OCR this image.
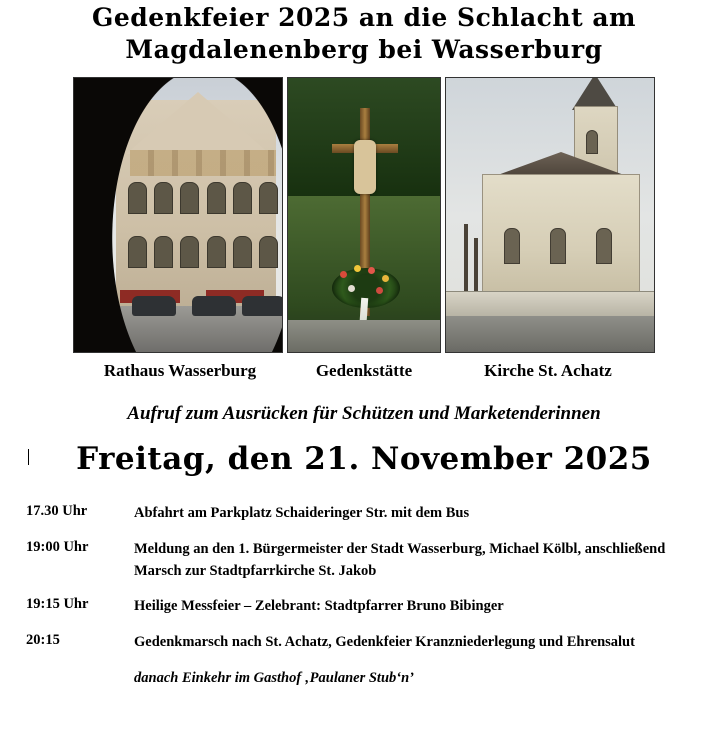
Gedenkfeier 2025 an die Schlacht am
Magdalenenberg bei Wasserburg
Rathaus Wasserburg	Gedenkstätte	Kirche St. Achatz
Aufruf zum Ausrücken für Schützen und Marketenderinnen
Freitag, den 21. November 2025
17.30 Uhr	Abfahrt am Parkplatz Schaideringer Str. mit dem Bus
19:00 Uhr	Meldung an den 1. Bürgermeister der Stadt Wasserburg, Michael Kölbl, anschließend Marsch zur Stadtpfarrkirche St. Jakob
19:15 Uhr	Heilige Messfeier – Zelebrant: Stadtpfarrer Bruno Bibinger
20:15	Gedenkmarsch nach St. Achatz, Gedenkfeier Kranzniederlegung und Ehrensalut
danach Einkehr im Gasthof ‚Paulaner Stub‘n’
